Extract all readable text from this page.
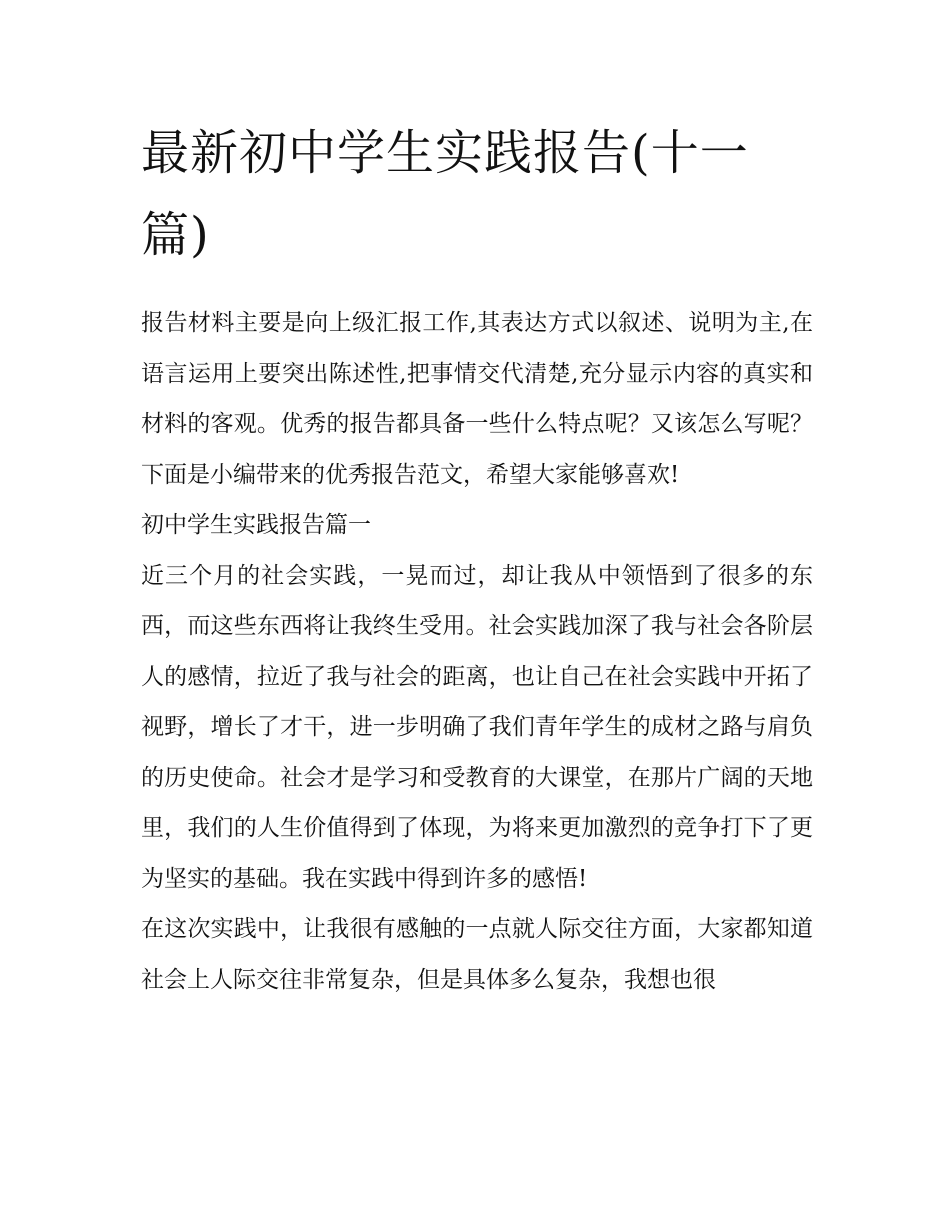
最新初中学生实践报告(十一篇)

报告材料主要是向上级汇报工作,其表达方式以叙述、说明为主,在语言运用上要突出陈述性,把事情交代清楚,充分显示内容的真实和材料的客观。优秀的报告都具备一些什么特点呢？又该怎么写呢？下面是小编带来的优秀报告范文，希望大家能够喜欢!

初中学生实践报告篇一

近三个月的社会实践，一晃而过，却让我从中领悟到了很多的东西，而这些东西将让我终生受用。社会实践加深了我与社会各阶层人的感情，拉近了我与社会的距离，也让自己在社会实践中开拓了视野，增长了才干，进一步明确了我们青年学生的成材之路与肩负的历史使命。社会才是学习和受教育的大课堂，在那片广阔的天地里，我们的人生价值得到了体现，为将来更加激烈的竞争打下了更为坚实的基础。我在实践中得到许多的感悟!

在这次实践中，让我很有感触的一点就人际交往方面，大家都知道社会上人际交往非常复杂，但是具体多么复杂，我想也很
